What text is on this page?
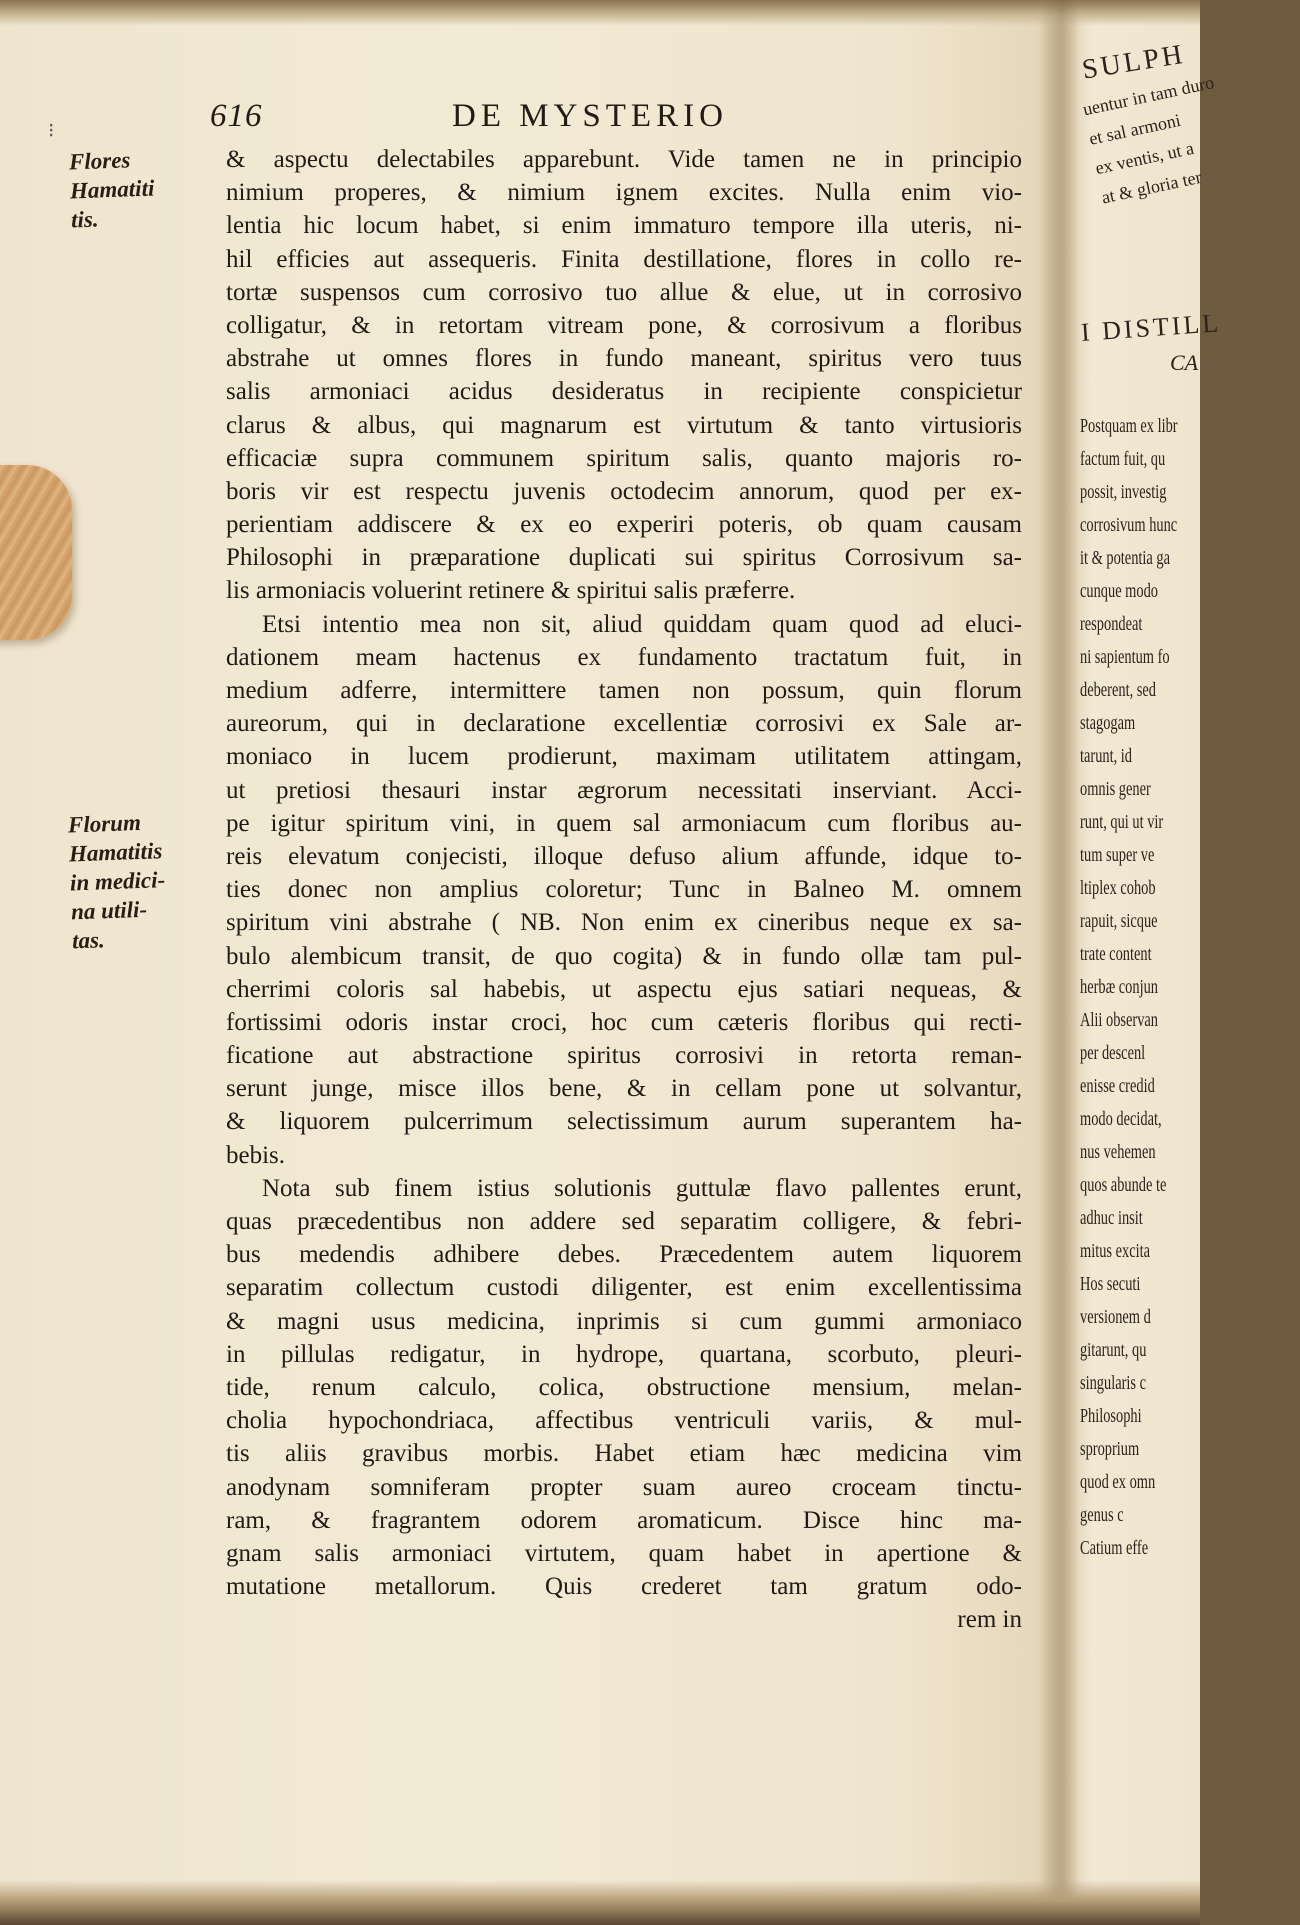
⁝	616	DE MYSTERIO
Flores
Hamatiti
tis.
Florum
Hamatitis
in medici-
na utili-
tas.
& aspectu delectabiles apparebunt. Vide tamen ne in principio
nimium properes, & nimium ignem excites. Nulla enim vio-
lentia hic locum habet, si enim immaturo tempore illa uteris, ni-
hil efficies aut assequeris. Finita destillatione, flores in collo re-
tortæ suspensos cum corrosivo tuo allue & elue, ut in corrosivo
colligatur, & in retortam vitream pone, & corrosivum a floribus
abstrahe ut omnes flores in fundo maneant, spiritus vero tuus
salis armoniaci acidus desideratus in recipiente conspicietur
clarus & albus, qui magnarum est virtutum & tanto virtusioris
efficaciæ supra communem spiritum salis, quanto majoris ro-
boris vir est respectu juvenis octodecim annorum, quod per ex-
perientiam addiscere & ex eo experiri poteris, ob quam causam
Philosophi in præparatione duplicati sui spiritus Corrosivum sa-
lis armoniacis voluerint retinere & spiritui salis præferre.
Etsi intentio mea non sit, aliud quiddam quam quod ad eluci-
dationem meam hactenus ex fundamento tractatum fuit, in
medium adferre, intermittere tamen non possum, quin florum
aureorum, qui in declaratione excellentiæ corrosivi ex Sale ar-
moniaco in lucem prodierunt, maximam utilitatem attingam,
ut pretiosi thesauri instar ægrorum necessitati inserviant. Acci-
pe igitur spiritum vini, in quem sal armoniacum cum floribus au-
reis elevatum conjecisti, illoque defuso alium affunde, idque to-
ties donec non amplius coloretur; Tunc in Balneo M. omnem
spiritum vini abstrahe ( NB. Non enim ex cineribus neque ex sa-
bulo alembicum transit, de quo cogita) & in fundo ollæ tam pul-
cherrimi coloris sal habebis, ut aspectu ejus satiari nequeas, &
fortissimi odoris instar croci, hoc cum cæteris floribus qui recti-
ficatione aut abstractione spiritus corrosivi in retorta reman-
serunt junge, misce illos bene, & in cellam pone ut solvantur,
& liquorem pulcerrimum selectissimum aurum superantem ha-
bebis.
Nota sub finem istius solutionis guttulæ flavo pallentes erunt,
quas præcedentibus non addere sed separatim colligere, & febri-
bus medendis adhibere debes. Præcedentem autem liquorem
separatim collectum custodi diligenter, est enim excellentissima
& magni usus medicina, inprimis si cum gummi armoniaco
in pillulas redigatur, in hydrope, quartana, scorbuto, pleuri-
tide, renum calculo, colica, obstructione mensium, melan-
cholia hypochondriaca, affectibus ventriculi variis, & mul-
tis aliis gravibus morbis. Habet etiam hæc medicina vim
anodynam somniferam propter suam aureo croceam tinctu-
ram, & fragrantem odorem aromaticum. Disce hinc ma-
gnam salis armoniaci virtutem, quam habet in apertione &
mutatione metallorum. Quis crederet tam gratum odo-
rem in
SULPH
uentur in tam duro
et sal armoni
ex ventis, ut a
at & gloria ter
I DISTILL
CA
Postquam ex libr
factum fuit, qu
possit, investig
corrosivum hunc
it & potentia ga
cunque modo
respondeat
ni sapientum fo
deberent, sed
stagogam
tarunt, id
omnis gener
runt, qui ut vir
tum super ve
ltiplex cohob
rapuit, sicque
trate content
herbæ conjun
Alii observan
per descenl
enisse credid
modo decidat,
nus vehemen
quos abunde te
adhuc insit
mitus excita
Hos secuti
versionem d
gitarunt, qu
singularis c
Philosophi
sproprium
quod ex omn
genus c
Catium effe
